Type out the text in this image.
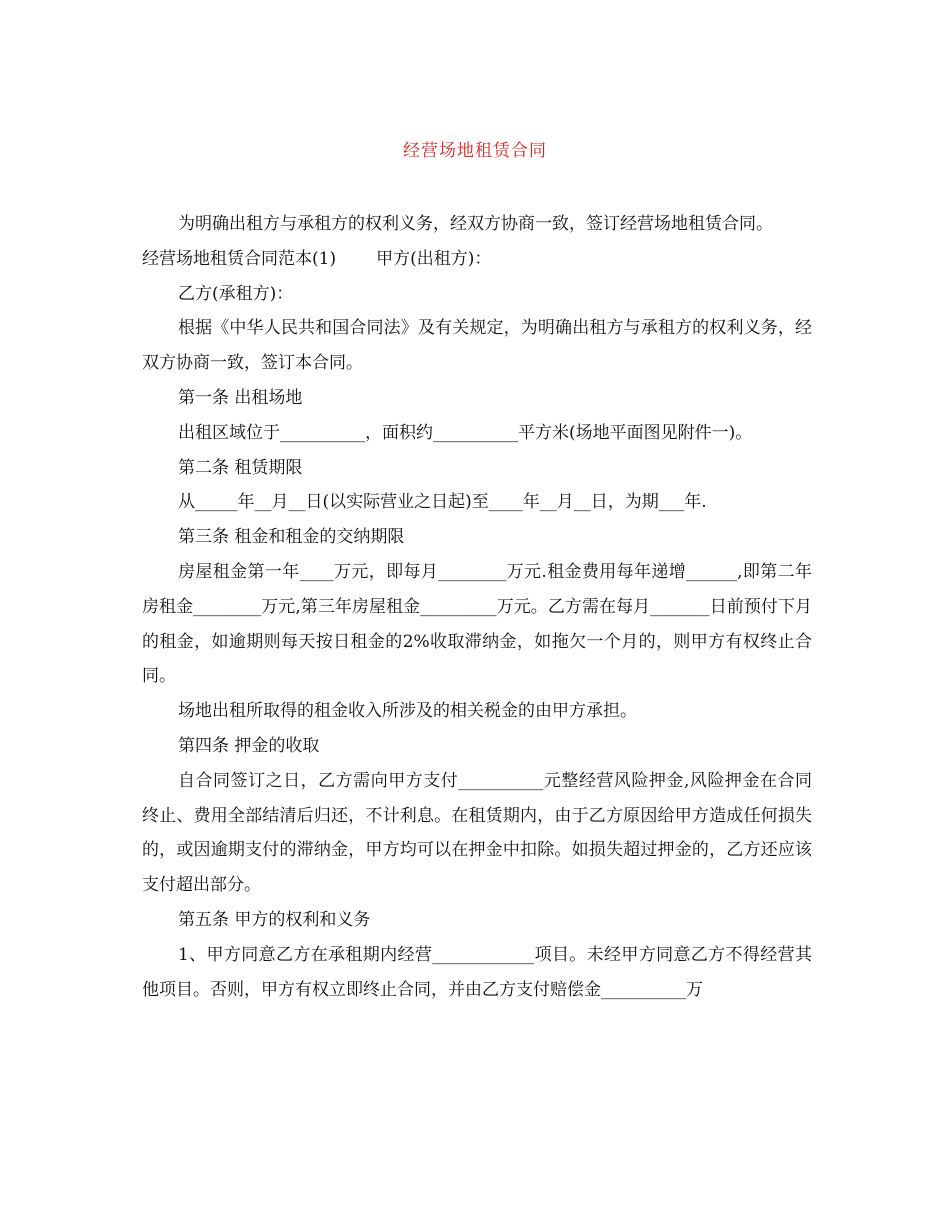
经营场地租赁合同

为明确出租方与承租方的权利义务，经双方协商一致，签订经营场地租赁合同。

经营场地租赁合同范本(1) 甲方(出租方)：

乙方(承租方)：

根据《中华人民共和国合同法》及有关规定，为明确出租方与承租方的权利义务，经双方协商一致，签订本合同。

第一条 出租场地

出租区域位于__________，面积约__________平方米(场地平面图见附件一)。

第二条 租赁期限

从_____年__月__日(以实际营业之日起)至____年__月__日，为期___年.

第三条 租金和租金的交纳期限

房屋租金第一年____万元，即每月________万元.租金费用每年递增______,即第二年房租金________万元,第三年房屋租金_________万元。乙方需在每月_______日前预付下月的租金，如逾期则每天按日租金的2%收取滞纳金，如拖欠一个月的，则甲方有权终止合同。

场地出租所取得的租金收入所涉及的相关税金的由甲方承担。

第四条 押金的收取

自合同签订之日，乙方需向甲方支付__________元整经营风险押金,风险押金在合同终止、费用全部结清后归还，不计利息。在租赁期内，由于乙方原因给甲方造成任何损失的，或因逾期支付的滞纳金，甲方均可以在押金中扣除。如损失超过押金的，乙方还应该支付超出部分。

第五条 甲方的权利和义务

1、甲方同意乙方在承租期内经营____________项目。未经甲方同意乙方不得经营其他项目。否则，甲方有权立即终止合同，并由乙方支付赔偿金__________万
